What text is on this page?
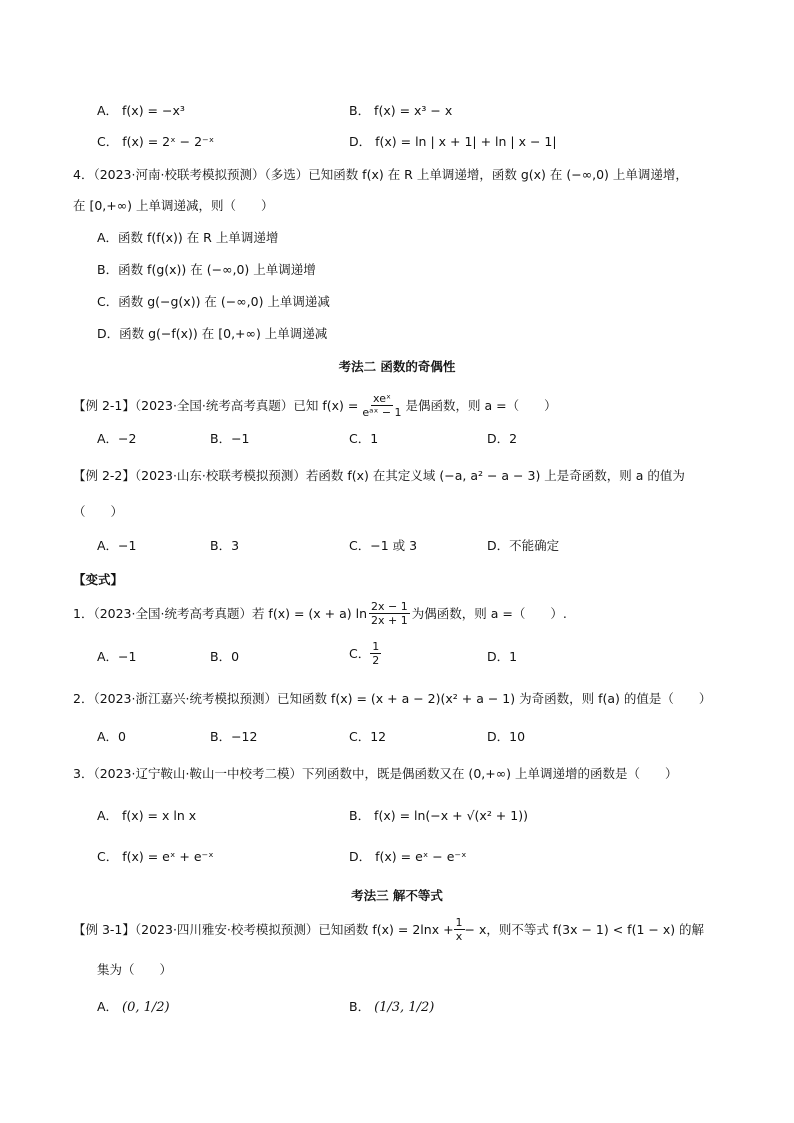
A． f(x) = −x³	B． f(x) = x³ − x
C． f(x) = 2ˣ − 2⁻ˣ	D． f(x) = ln | x + 1| + ln | x − 1|
4．（2023·河南·校联考模拟预测）（多选）已知函数 f(x) 在 R 上单调递增，函数 g(x) 在 (−∞,0) 上单调递增，
在 [0,+∞) 上单调递减，则（　　）
A．函数 f(f(x)) 在 R 上单调递增
B．函数 f(g(x)) 在 (−∞,0) 上单调递增
C．函数 g(−g(x)) 在 (−∞,0) 上单调递减
D．函数 g(−f(x)) 在 [0,+∞) 上单调递减
考法二 函数的奇偶性
【例 2-1】（2023·全国·统考高考真题）已知 f(x) = xeˣ
eᵃˣ − 1 是偶函数，则 a =（　　）
A．−2	B．−1	C．1	D．2
【例 2-2】（2023·山东·校联考模拟预测）若函数 f(x) 在其定义域 (−a, a² − a − 3) 上是奇函数，则 a 的值为
（　　）
A．−1	B．3	C．−1 或 3	D．不能确定
【变式】
1．（2023·全国·统考高考真题）若 f(x) = (x + a) $\ln \frac{2x - 1}{2x + 1}$ 为偶函数，则 a =（　　）.
A．−1	B．0	C． $\frac{1}{2}$	D．1
2．（2023·浙江嘉兴·统考模拟预测）已知函数 f(x) = (x + a − 2)(x² + a − 1) 为奇函数，则 f(a) 的值是（　　）
A．0	B．−12	C．12	D．10
3．（2023·辽宁鞍山·鞍山一中校考二模）下列函数中，既是偶函数又在 (0,+∞) 上单调递增的函数是（　　）
A． f(x) = x ln x	B． f(x) = ln(−x + √(x² + 1))
C． f(x) = eˣ + e⁻ˣ	D． f(x) = eˣ − e⁻ˣ
考法三 解不等式
【例 3-1】（2023·四川雅安·校考模拟预测）已知函数 $f(x) = 2\ln x + \frac{1}{x} - x$，则不等式 f(3x − 1) < f(1 − x) 的解
集为（　　）
A． (0, 1/2)	B． (1/3, 1/2)
